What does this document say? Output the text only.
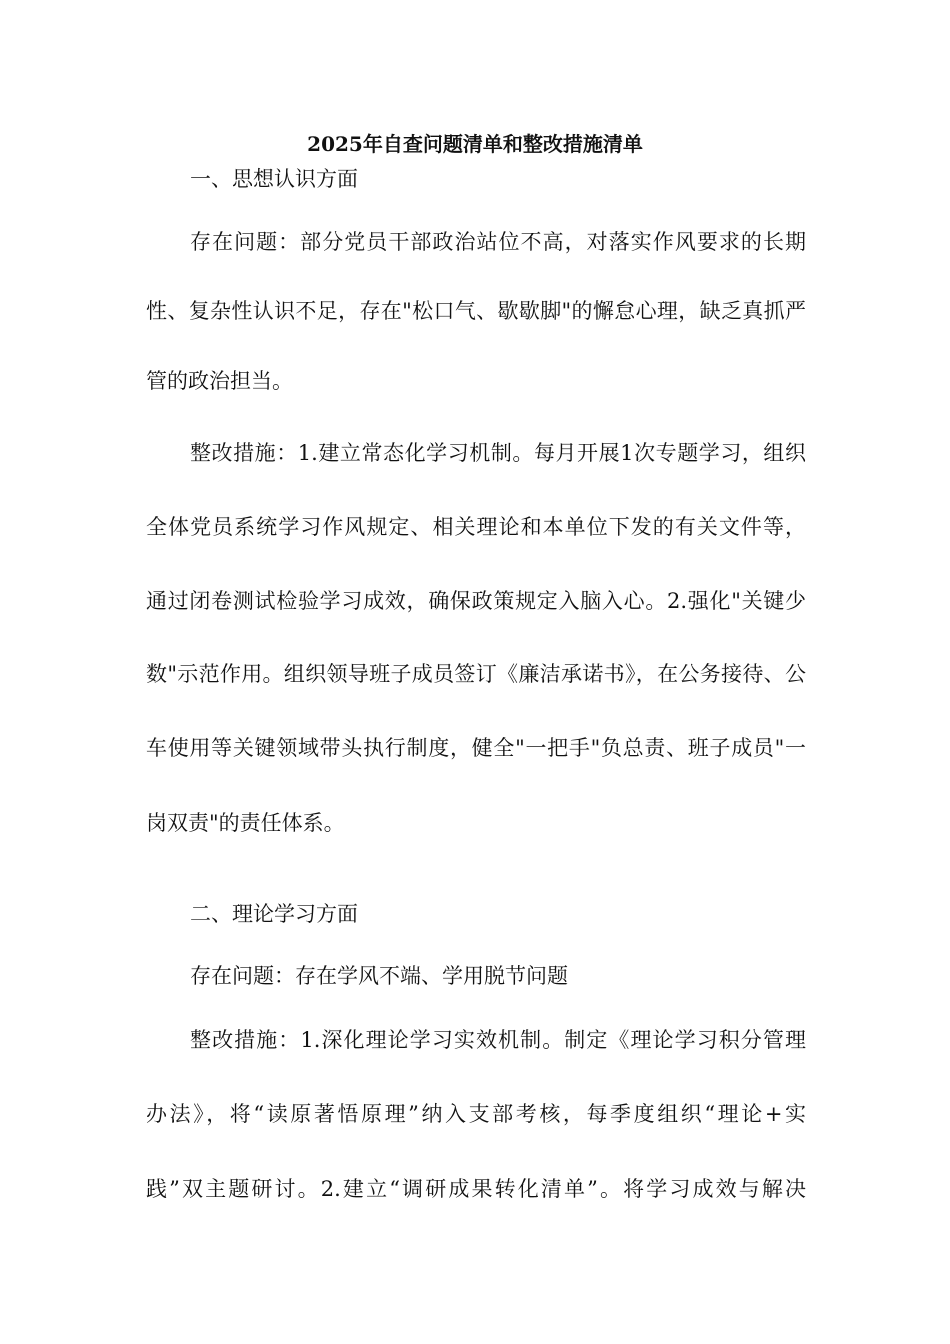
2025年自查问题清单和整改措施清单
一、思想认识方面
存在问题：部分党员干部政治站位不高，对落实作风要求的长期
性、复杂性认识不足，存在"松口气、歇歇脚"的懈怠心理，缺乏真抓严
管的政治担当。
整改措施：1.建立常态化学习机制。每月开展1次专题学习，组织
全体党员系统学习作风规定、相关理论和本单位下发的有关文件等，
通过闭卷测试检验学习成效，确保政策规定入脑入心。2.强化"关键少
数"示范作用。组织领导班子成员签订《廉洁承诺书》，在公务接待、公
车使用等关键领域带头执行制度，健全"一把手"负总责、班子成员"一
岗双责"的责任体系。
二、理论学习方面
存在问题：存在学风不端、学用脱节问题
整改措施：1.深化理论学习实效机制。制定《理论学习积分管理
办法》，将“读原著悟原理”纳入支部考核，每季度组织“理论+实
践”双主题研讨。2.建立“调研成果转化清单”。将学习成效与解决
